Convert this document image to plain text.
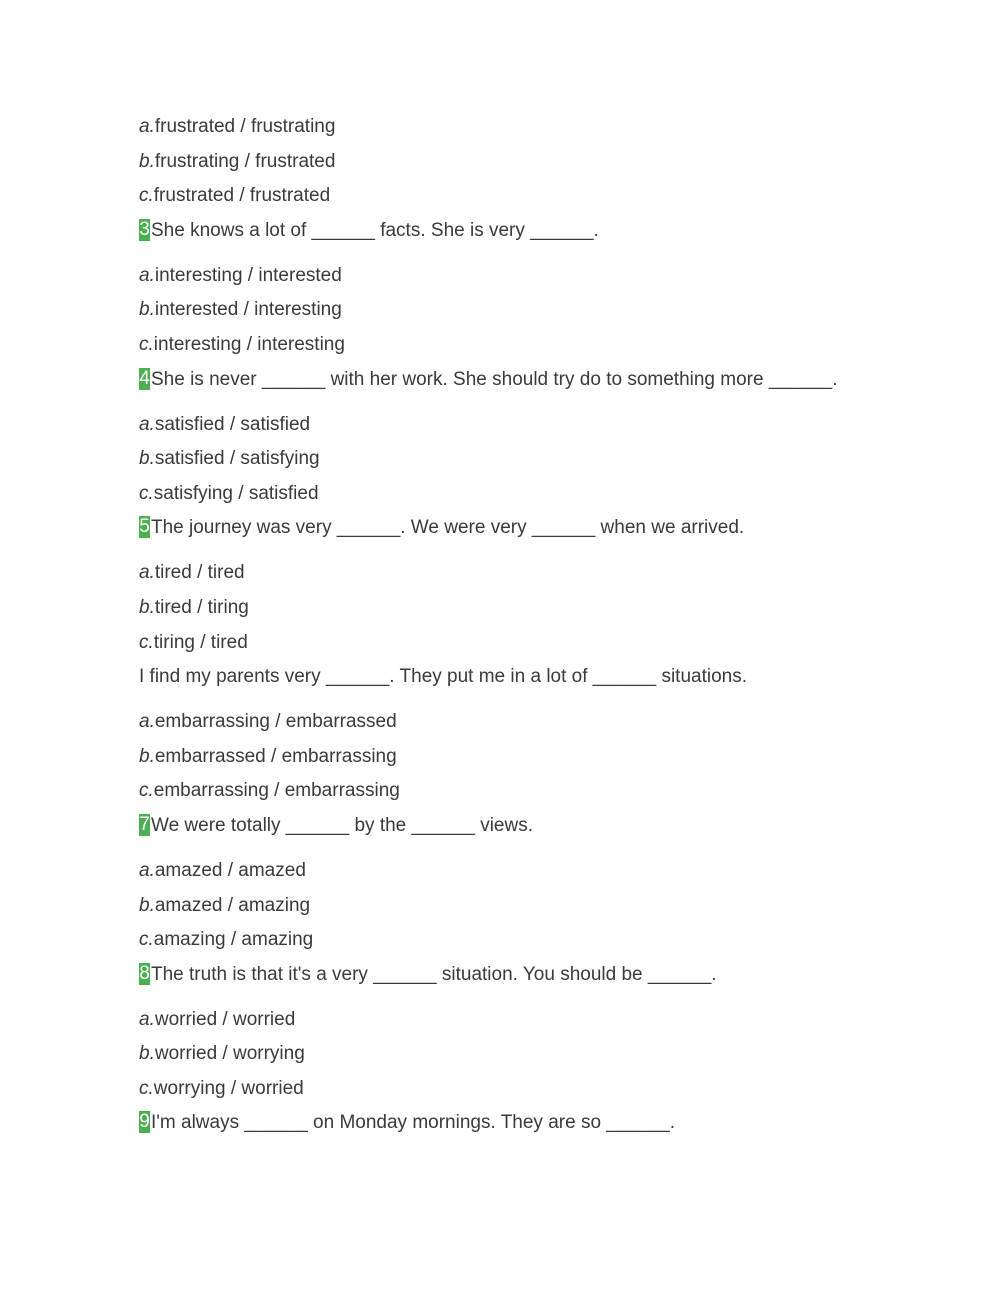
a.frustrated / frustrating
b.frustrating / frustrated
c.frustrated / frustrated
3She knows a lot of ______ facts. She is very ______.
a.interesting / interested
b.interested / interesting
c.interesting / interesting
4She is never ______ with her work. She should try do to something more ______.
a.satisfied / satisfied
b.satisfied / satisfying
c.satisfying / satisfied
5The journey was very ______. We were very ______ when we arrived.
a.tired / tired
b.tired / tiring
c.tiring / tired
I find my parents very ______. They put me in a lot of ______ situations.
a.embarrassing / embarrassed
b.embarrassed / embarrassing
c.embarrassing / embarrassing
7We were totally ______ by the ______ views.
a.amazed / amazed
b.amazed / amazing
c.amazing / amazing
8The truth is that it's a very ______ situation. You should be ______.
a.worried / worried
b.worried / worrying
c.worrying / worried
9I'm always ______ on Monday mornings. They are so ______.
